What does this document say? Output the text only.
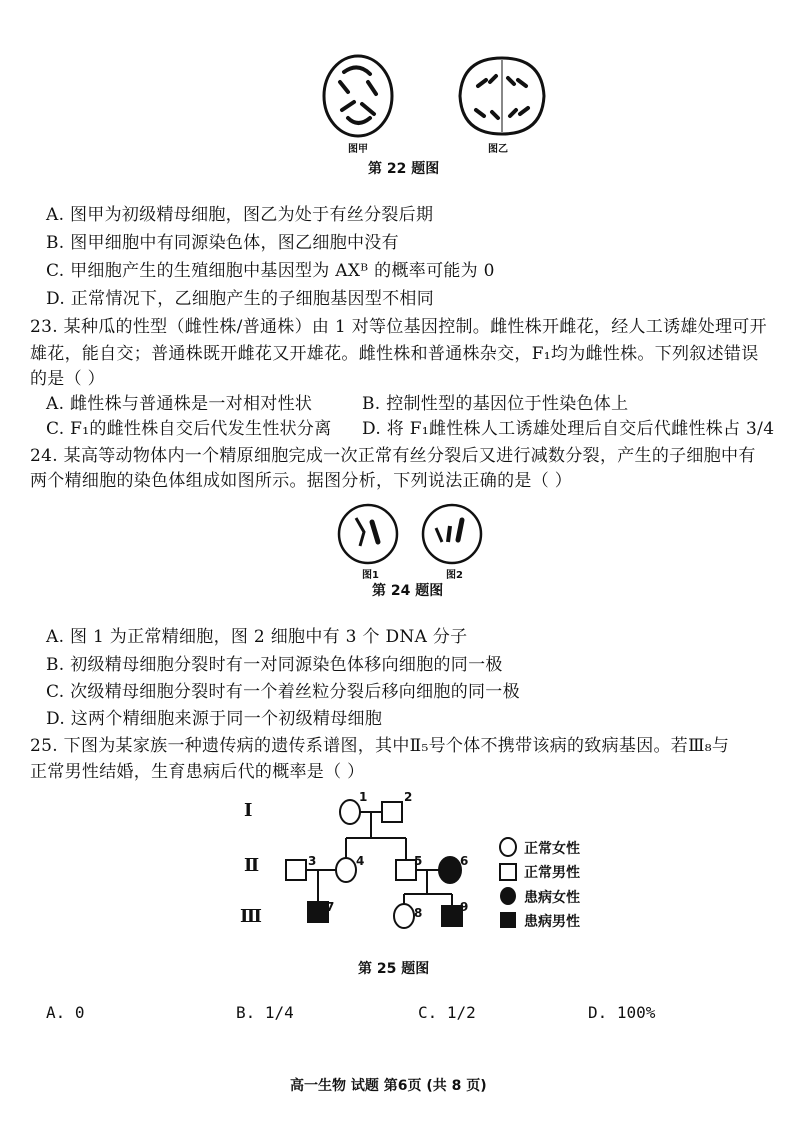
图甲	图乙
第 22 题图
A. 图甲为初级精母细胞，图乙为处于有丝分裂后期
B. 图甲细胞中有同源染色体，图乙细胞中没有
C. 甲细胞产生的生殖细胞中基因型为 AXᴮ 的概率可能为 0
D. 正常情况下，乙细胞产生的子细胞基因型不相同
23. 某种瓜的性型（雌性株/普通株）由 1 对等位基因控制。雌性株开雌花，经人工诱雄处理可开
雄花，能自交；普通株既开雌花又开雄花。雌性株和普通株杂交，F₁均为雌性株。下列叙述错误
的是（ ）
A. 雌性株与普通株是一对相对性状	B. 控制性型的基因位于性染色体上
C. F₁的雌性株自交后代发生性状分离 D. 将 F₁雌性株人工诱雄处理后自交后代雌性株占 3/4
24. 某高等动物体内一个精原细胞完成一次正常有丝分裂后又进行减数分裂，产生的子细胞中有
两个精细胞的染色体组成如图所示。据图分析，下列说法正确的是（ ）
图1	图2
第 24 题图
A. 图 1 为正常精细胞，图 2 细胞中有 3 个 DNA 分子
B. 初级精母细胞分裂时有一对同源染色体移向细胞的同一极
C. 次级精母细胞分裂时有一个着丝粒分裂后移向细胞的同一极
D. 这两个精细胞来源于同一个初级精母细胞
25. 下图为某家族一种遗传病的遗传系谱图，其中Ⅱ₅号个体不携带该病的致病基因。若Ⅲ₈与
正常男性结婚，生育患病后代的概率是（ ）
Ⅰ
Ⅱ
Ⅲ
1	2
3	4	5	6
7	8	9
正常女性
正常男性
患病女性
患病男性
第 25 题图
A. 0	B. 1/4	C. 1/2	D. 100%
高一生物 试题 第6页 (共 8 页)
